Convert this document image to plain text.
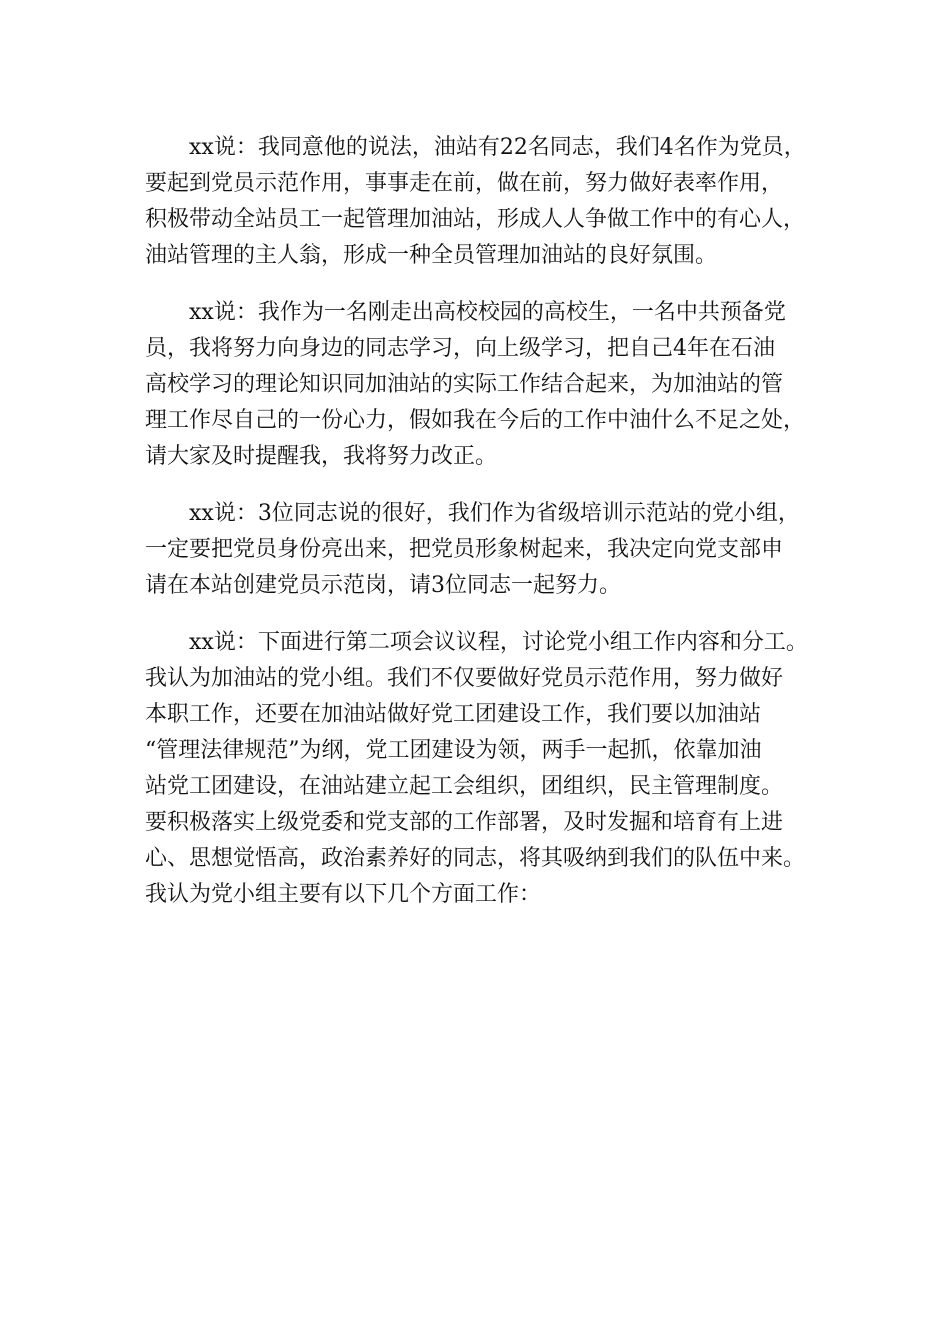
xx说：我同意他的说法，油站有22名同志，我们4名作为党员，
要起到党员示范作用，事事走在前，做在前，努力做好表率作用，
积极带动全站员工一起管理加油站，形成人人争做工作中的有心人，
油站管理的主人翁，形成一种全员管理加油站的良好氛围。
xx说：我作为一名刚走出高校校园的高校生，一名中共预备党
员，我将努力向身边的同志学习，向上级学习，把自己4年在石油
高校学习的理论知识同加油站的实际工作结合起来，为加油站的管
理工作尽自己的一份心力，假如我在今后的工作中油什么不足之处，
请大家及时提醒我，我将努力改正。
xx说：3位同志说的很好，我们作为省级培训示范站的党小组，
一定要把党员身份亮出来，把党员形象树起来，我决定向党支部申
请在本站创建党员示范岗，请3位同志一起努力。
xx说：下面进行第二项会议议程，讨论党小组工作内容和分工。
我认为加油站的党小组。我们不仅要做好党员示范作用，努力做好
本职工作，还要在加油站做好党工团建设工作，我们要以加油站
“管理法律规范”为纲，党工团建设为领，两手一起抓，依靠加油
站党工团建设，在油站建立起工会组织，团组织，民主管理制度。
要积极落实上级党委和党支部的工作部署，及时发掘和培育有上进
心、思想觉悟高，政治素养好的同志，将其吸纳到我们的队伍中来。
我认为党小组主要有以下几个方面工作：
